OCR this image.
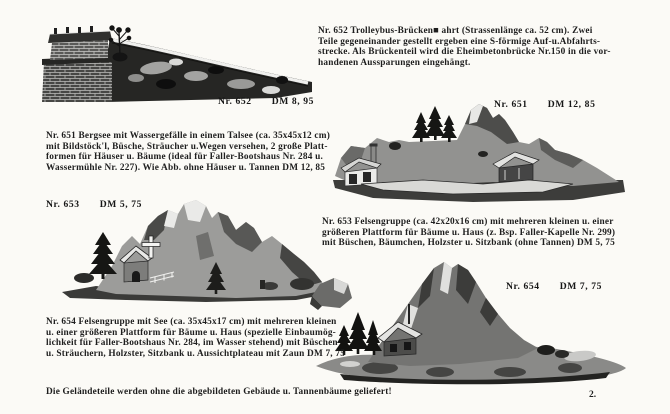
Nr. 652 DM 8, 95	Nr. 651 DM 12, 85
Nr. 653 DM 5, 75
Nr. 654 DM 7, 75
Nr. 652 Trolleybus-Brücken■ ahrt (Strassenlänge ca. 52 cm). Zwei
Teile gegeneinander gestellt ergeben eine S-förmige Auf-u.Abfahrts-
strecke. Als Brückenteil wird die Eheimbetonbrücke Nr.150 in die vor-
handenen Aussparungen eingehängt.
Nr. 651 Bergsee mit Wassergefälle in einem Talsee (ca. 35x45x12 cm)
mit Bildstöck'l, Büsche, Sträucher u.Wegen versehen, 2 große Platt-
formen für Häuser u. Bäume (ideal für Faller-Bootshaus Nr. 284 u.
Wassermühle Nr. 227). Wie Abb. ohne Häuser u. Tannen DM 12, 85
Nr. 653 Felsengruppe (ca. 42x20x16 cm) mit mehreren kleinen u. einer
größeren Plattform für Bäume u. Haus (z. Bsp. Faller-Kapelle Nr. 299)
mit Büschen, Bäumchen, Holzster u. Sitzbank (ohne Tannen) DM 5, 75
Nr. 654 Felsengruppe mit See (ca. 35x45x17 cm) mit mehreren kleinen
u. einer größeren Plattform für Bäume u. Haus (spezielle Einbaumög-
lichkeit für Faller-Bootshaus Nr. 284, im Wasser stehend) mit Büschen
u. Sträuchern, Holzster, Sitzbank u. Aussichtplateau mit Zaun DM 7, 75
Die Geländeteile werden ohne die abgebildeten Gebäude u. Tannenbäume geliefert!	2.
